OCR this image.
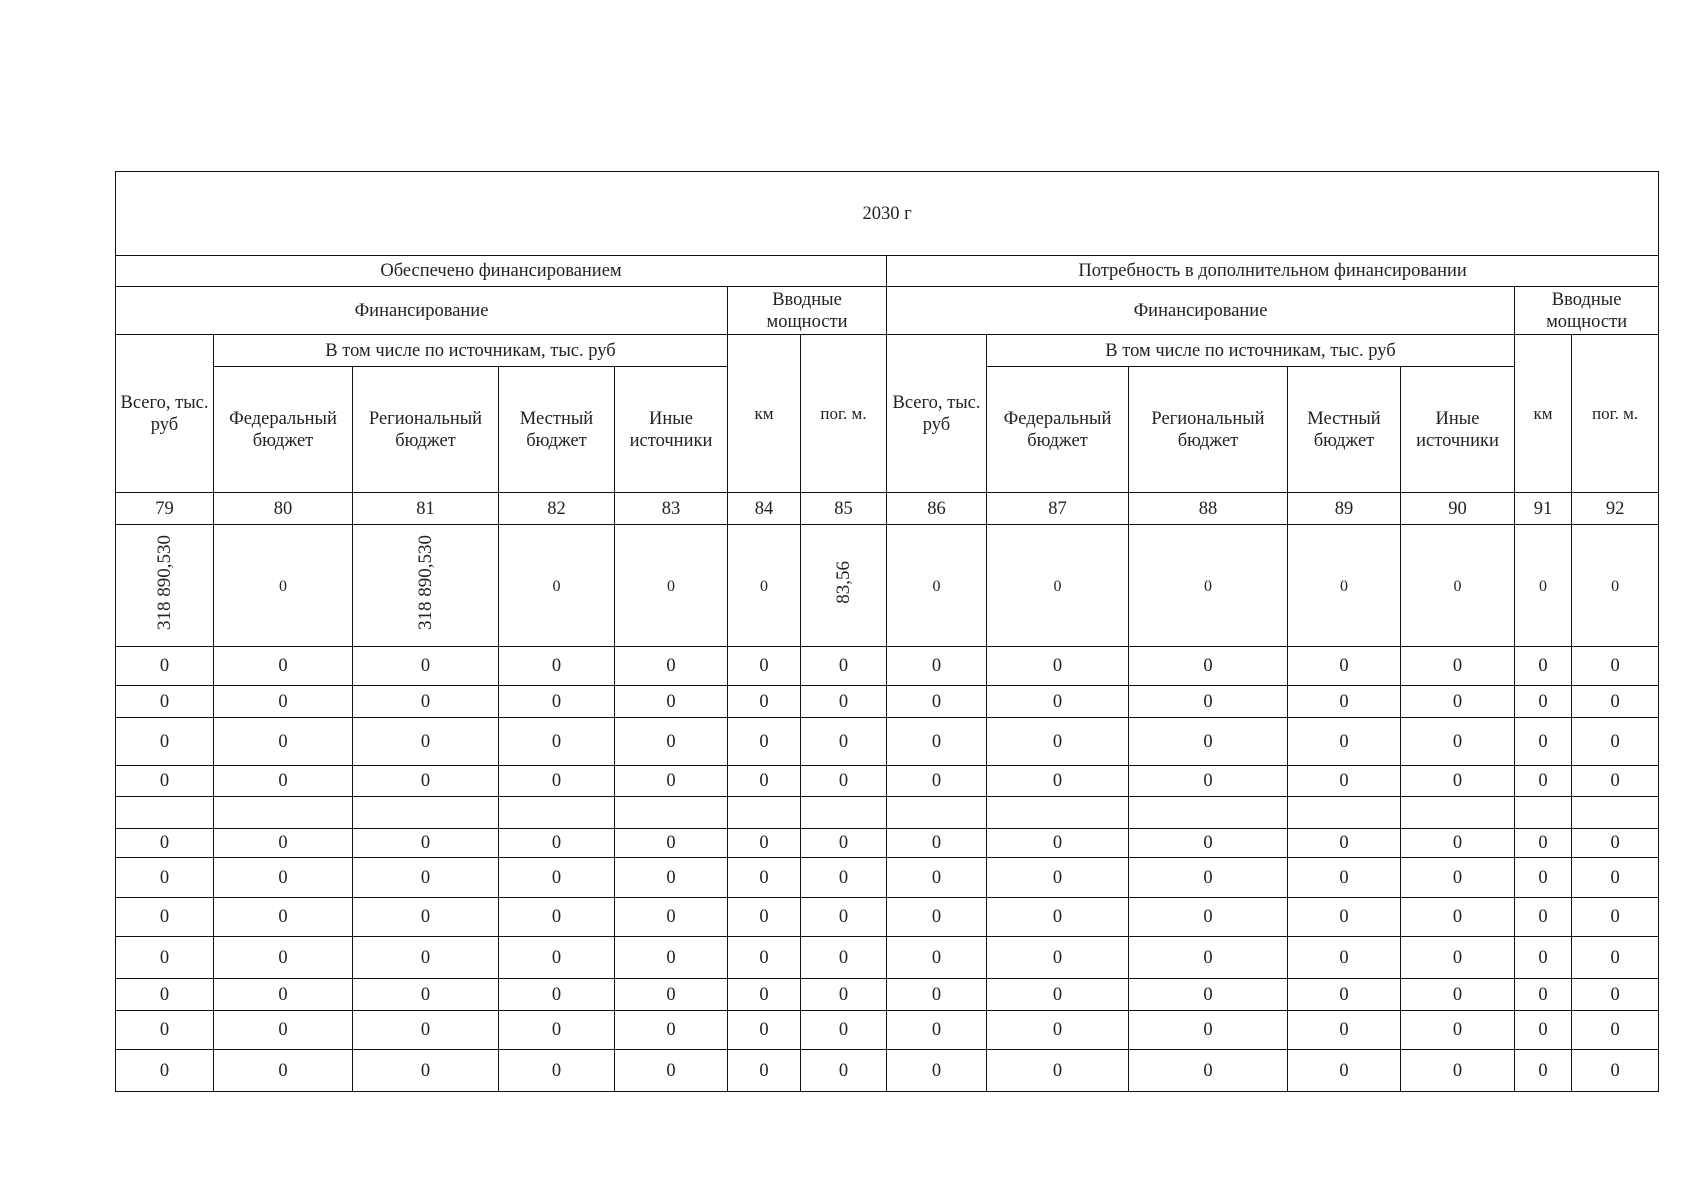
2030 г													
Обеспечено финансированием							Потребность в дополнительном финансировании						
Финансирование					Вводные мощности		Финансирование					Вводные мощности	
Всего, тыс. руб	В том числе по источникам, тыс. руб				км	пог. м.	Всего, тыс. руб	В том числе по источникам, тыс. руб				км	пог. м.
	Федеральный бюджет	Региональный бюджет	Местный бюджет	Иные источники				Федеральный бюджет	Региональный бюджет	Местный бюджет	Иные источники		
79	80	81	82	83	84	85	86	87	88	89	90	91	92
318 890,530	0	318 890,530	0	0	0	83,56	0	0	0	0	0	0	0
0	0	0	0	0	0	0	0	0	0	0	0	0	0
0	0	0	0	0	0	0	0	0	0	0	0	0	0
0	0	0	0	0	0	0	0	0	0	0	0	0	0
0	0	0	0	0	0	0	0	0	0	0	0	0	0

0	0	0	0	0	0	0	0	0	0	0	0	0	0
0	0	0	0	0	0	0	0	0	0	0	0	0	0
0	0	0	0	0	0	0	0	0	0	0	0	0	0
0	0	0	0	0	0	0	0	0	0	0	0	0	0
0	0	0	0	0	0	0	0	0	0	0	0	0	0
0	0	0	0	0	0	0	0	0	0	0	0	0	0
0	0	0	0	0	0	0	0	0	0	0	0	0	0
